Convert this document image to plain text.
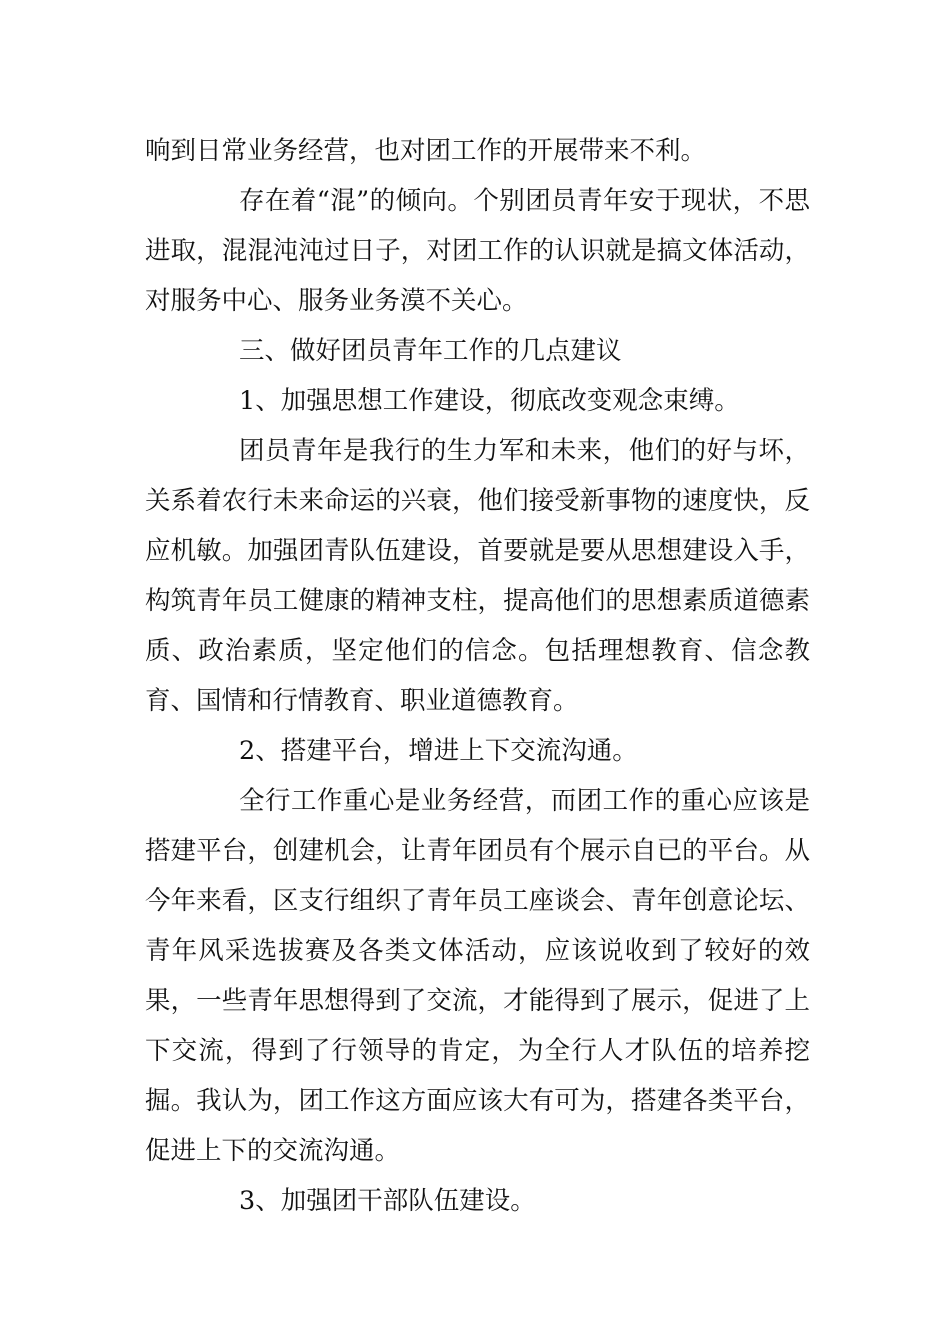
响到日常业务经营，也对团工作的开展带来不利。

存在着“混”的倾向。个别团员青年安于现状，不思进取，混混沌沌过日子，对团工作的认识就是搞文体活动，对服务中心、服务业务漠不关心。

三、做好团员青年工作的几点建议

1、加强思想工作建设，彻底改变观念束缚。

团员青年是我行的生力军和未来，他们的好与坏，关系着农行未来命运的兴衰，他们接受新事物的速度快，反应机敏。加强团青队伍建设，首要就是要从思想建设入手，构筑青年员工健康的精神支柱，提高他们的思想素质道德素质、政治素质，坚定他们的信念。包括理想教育、信念教育、国情和行情教育、职业道德教育。

2、搭建平台，增进上下交流沟通。

全行工作重心是业务经营，而团工作的重心应该是搭建平台，创建机会，让青年团员有个展示自已的平台。从今年来看，区支行组织了青年员工座谈会、青年创意论坛、青年风采选拔赛及各类文体活动，应该说收到了较好的效果，一些青年思想得到了交流，才能得到了展示，促进了上下交流，得到了行领导的肯定，为全行人才队伍的培养挖掘。我认为，团工作这方面应该大有可为，搭建各类平台，促进上下的交流沟通。

3、加强团干部队伍建设。
